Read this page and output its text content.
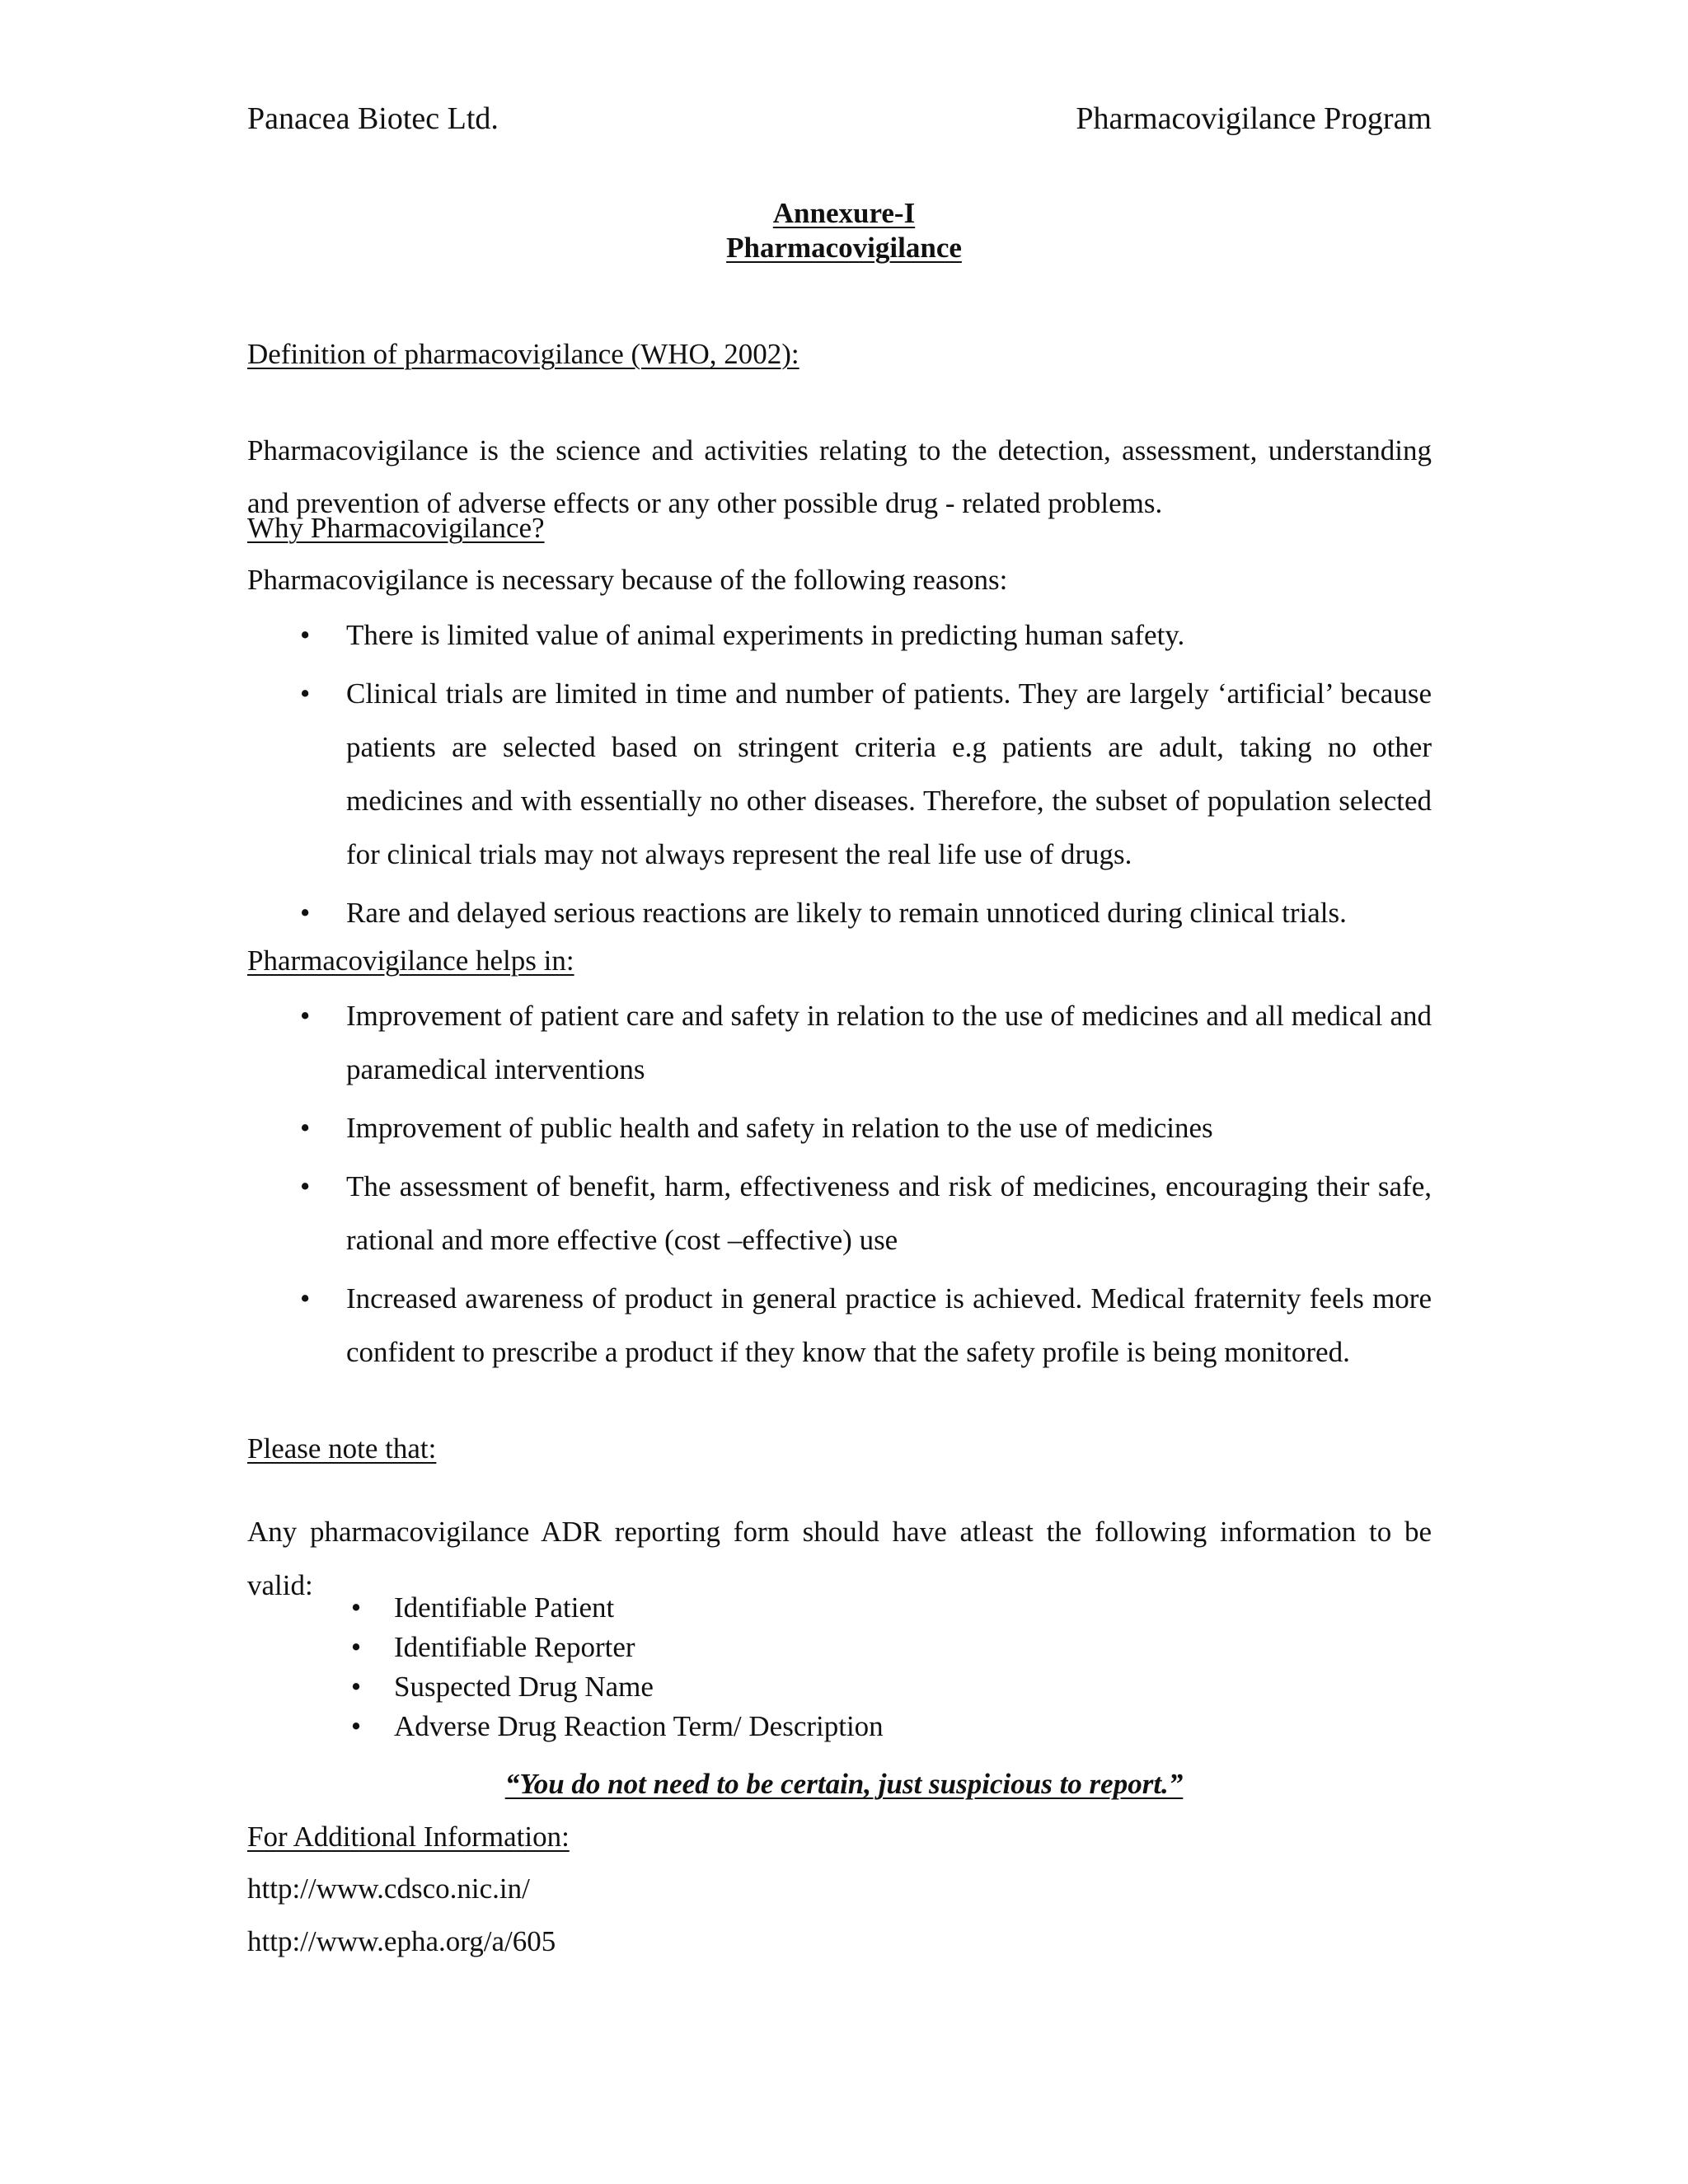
Panacea Biotec Ltd.	Pharmacovigilance Program
Annexure-I
Pharmacovigilance
Definition of pharmacovigilance (WHO, 2002):

Pharmacovigilance is the science and activities relating to the detection, assessment, understanding and prevention of adverse effects or any other possible drug - related problems.

Why Pharmacovigilance?
Pharmacovigilance is necessary because of the following reasons:
•
There is limited value of animal experiments in predicting human safety.
•
Clinical trials are limited in time and number of patients. They are largely ‘artificial’ because patients are selected based on stringent criteria e.g patients are adult, taking no other medicines and with essentially no other diseases. Therefore, the subset of population selected for clinical trials may not always represent the real life use of drugs.
•
Rare and delayed serious reactions are likely to remain unnoticed during clinical trials.
Pharmacovigilance helps in:
•
Improvement of patient care and safety in relation to the use of medicines and all medical and paramedical interventions
•
Improvement of public health and safety in relation to the use of medicines
•
The assessment of benefit, harm, effectiveness and risk of medicines, encouraging their safe, rational and more effective (cost –effective) use
•
Increased awareness of product in general practice is achieved. Medical fraternity feels more confident to prescribe a product if they know that the safety profile is being monitored.
Please note that:

Any pharmacovigilance ADR reporting form should have atleast the following information to be valid:

•
Identifiable Patient
•
Identifiable Reporter
•
Suspected Drug Name
•
Adverse Drug Reaction Term/ Description
“You do not need to be certain, just suspicious to report.”
For Additional Information:
http://www.cdsco.nic.in/
http://www.epha.org/a/605
